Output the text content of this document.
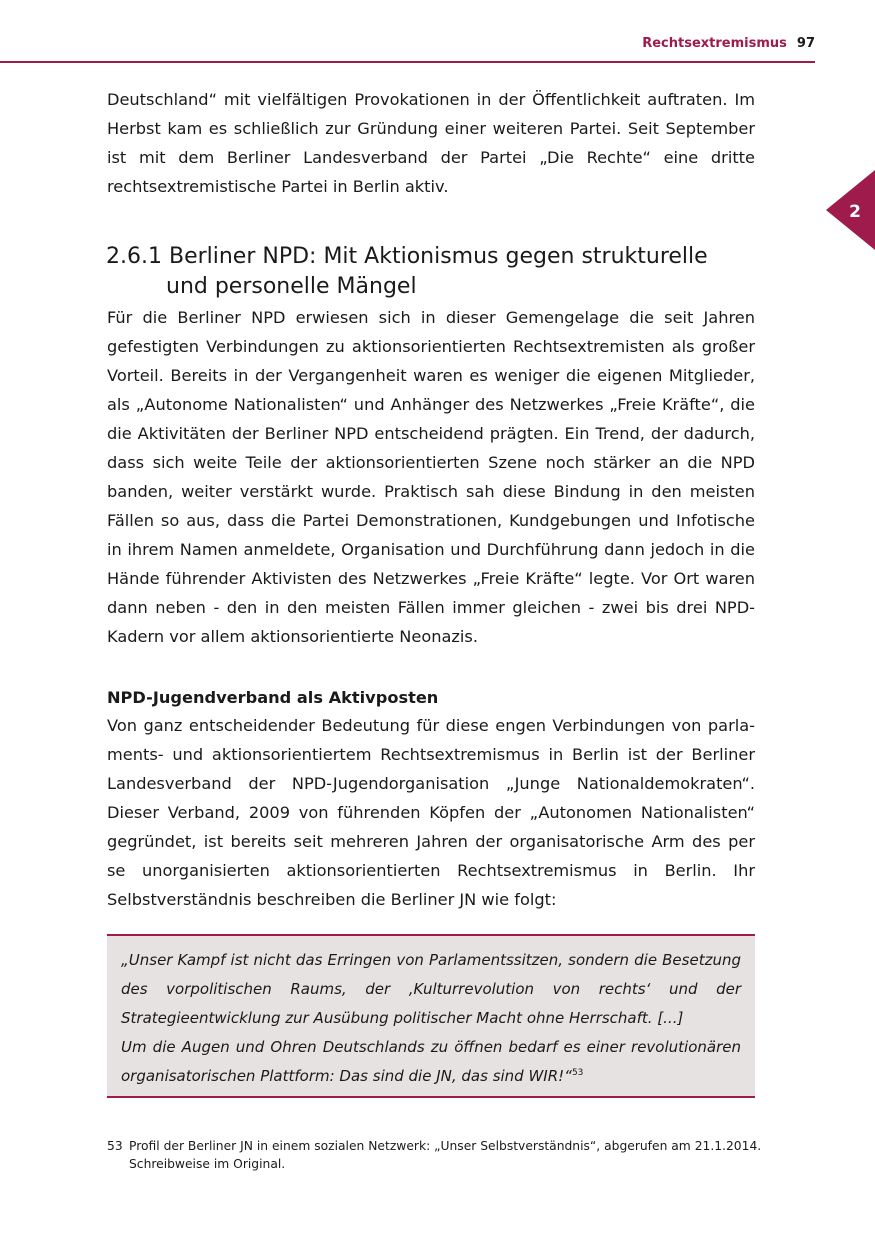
Rechtsextremismus 97
2

Deutschland“ mit vielfältigen Provokationen in der Öffentlichkeit auftraten. Im Herbst kam es schließlich zur Gründung einer weiteren Partei. Seit September ist mit dem Berliner Landesverband der Partei „Die Rechte“ eine dritte rechtsextremistische Partei in Berlin aktiv.

2.6.1 Berliner NPD: Mit Aktionismus gegen strukturelle
und personelle Mängel

Für die Berliner NPD erwiesen sich in dieser Gemengelage die seit Jahren gefestigten Verbindungen zu aktionsorientierten Rechtsextremisten als großer Vorteil. Bereits in der Vergangenheit waren es weniger die eigenen Mitglieder, als „Autonome Nationalisten“ und Anhänger des Netzwerkes „Freie Kräfte“, die die Aktivitäten der Berliner NPD entscheidend prägten. Ein Trend, der dadurch, dass sich weite Teile der aktionsorientierten Szene noch stärker an die NPD banden, weiter verstärkt wurde. Praktisch sah diese Bindung in den meisten Fällen so aus, dass die Partei Demonstrationen, Kundgebungen und Infotische in ihrem Namen anmeldete, Organisation und Durchführung dann jedoch in die Hände führender Aktivisten des Netzwerkes „Freie Kräfte“ legte. Vor Ort waren dann neben - den in den meisten Fällen immer gleichen - zwei bis drei NPD-Kadern vor allem aktionsorientierte Neonazis.

NPD-Jugendverband als Aktivposten

Von ganz entscheidender Bedeutung für diese engen Verbindungen von parlaments- und aktionsorientiertem Rechtsextremismus in Berlin ist der Berliner Landesverband der NPD-Jugendorganisation „Junge Nationaldemokraten“. Dieser Verband, 2009 von führenden Köpfen der „Autonomen Nationalisten“ gegründet, ist bereits seit mehreren Jahren der organisatorische Arm des per se unorganisierten aktionsorientierten Rechtsextremismus in Berlin. Ihr Selbstverständnis beschreiben die Berliner JN wie folgt:

„Unser Kampf ist nicht das Erringen von Parlamentssitzen, sondern die Besetzung des vorpolitischen Raums, der ‚Kulturrevolution von rechts‘ und der Strategieentwicklung zur Ausübung politischer Macht ohne Herrschaft. [...]

Um die Augen und Ohren Deutschlands zu öffnen bedarf es einer revolutionären organisatorischen Plattform: Das sind die JN, das sind WIR!“$^{53}$

53 Profil der Berliner JN in einem sozialen Netzwerk: „Unser Selbstverständnis“, abgerufen am 21.1.2014. Schreibweise im Original.
